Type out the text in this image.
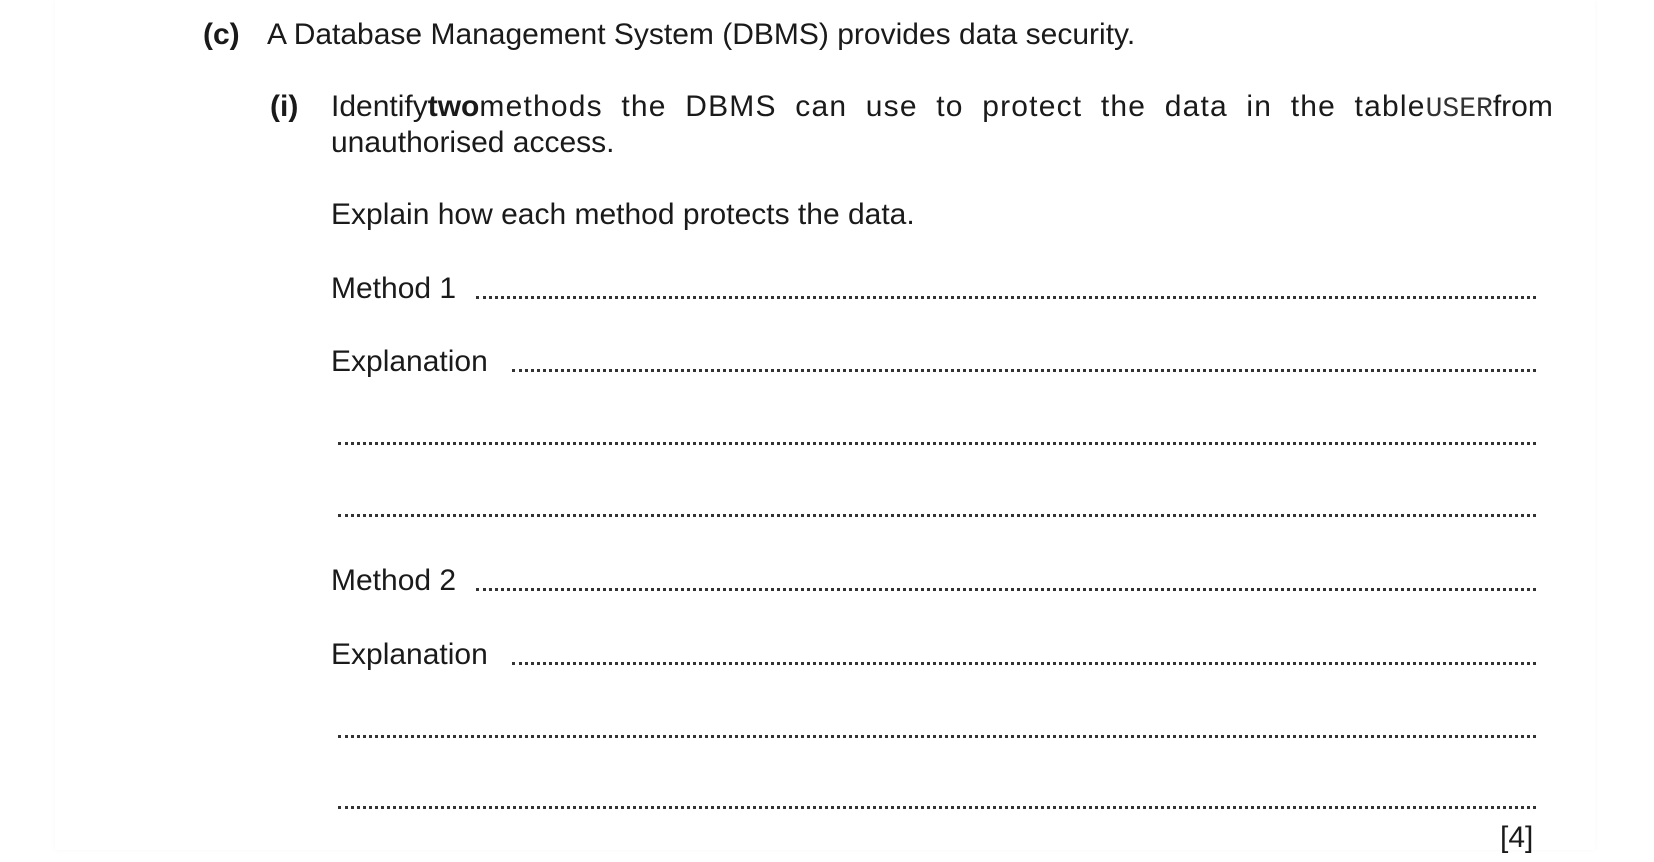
(c) A Database Management System (DBMS) provides data security.
(i) Identify two methods the DBMS can use to protect the data in the table USER from
unauthorised access.
Explain how each method protects the data.
Method 1
Explanation
Method 2
Explanation
[4]
